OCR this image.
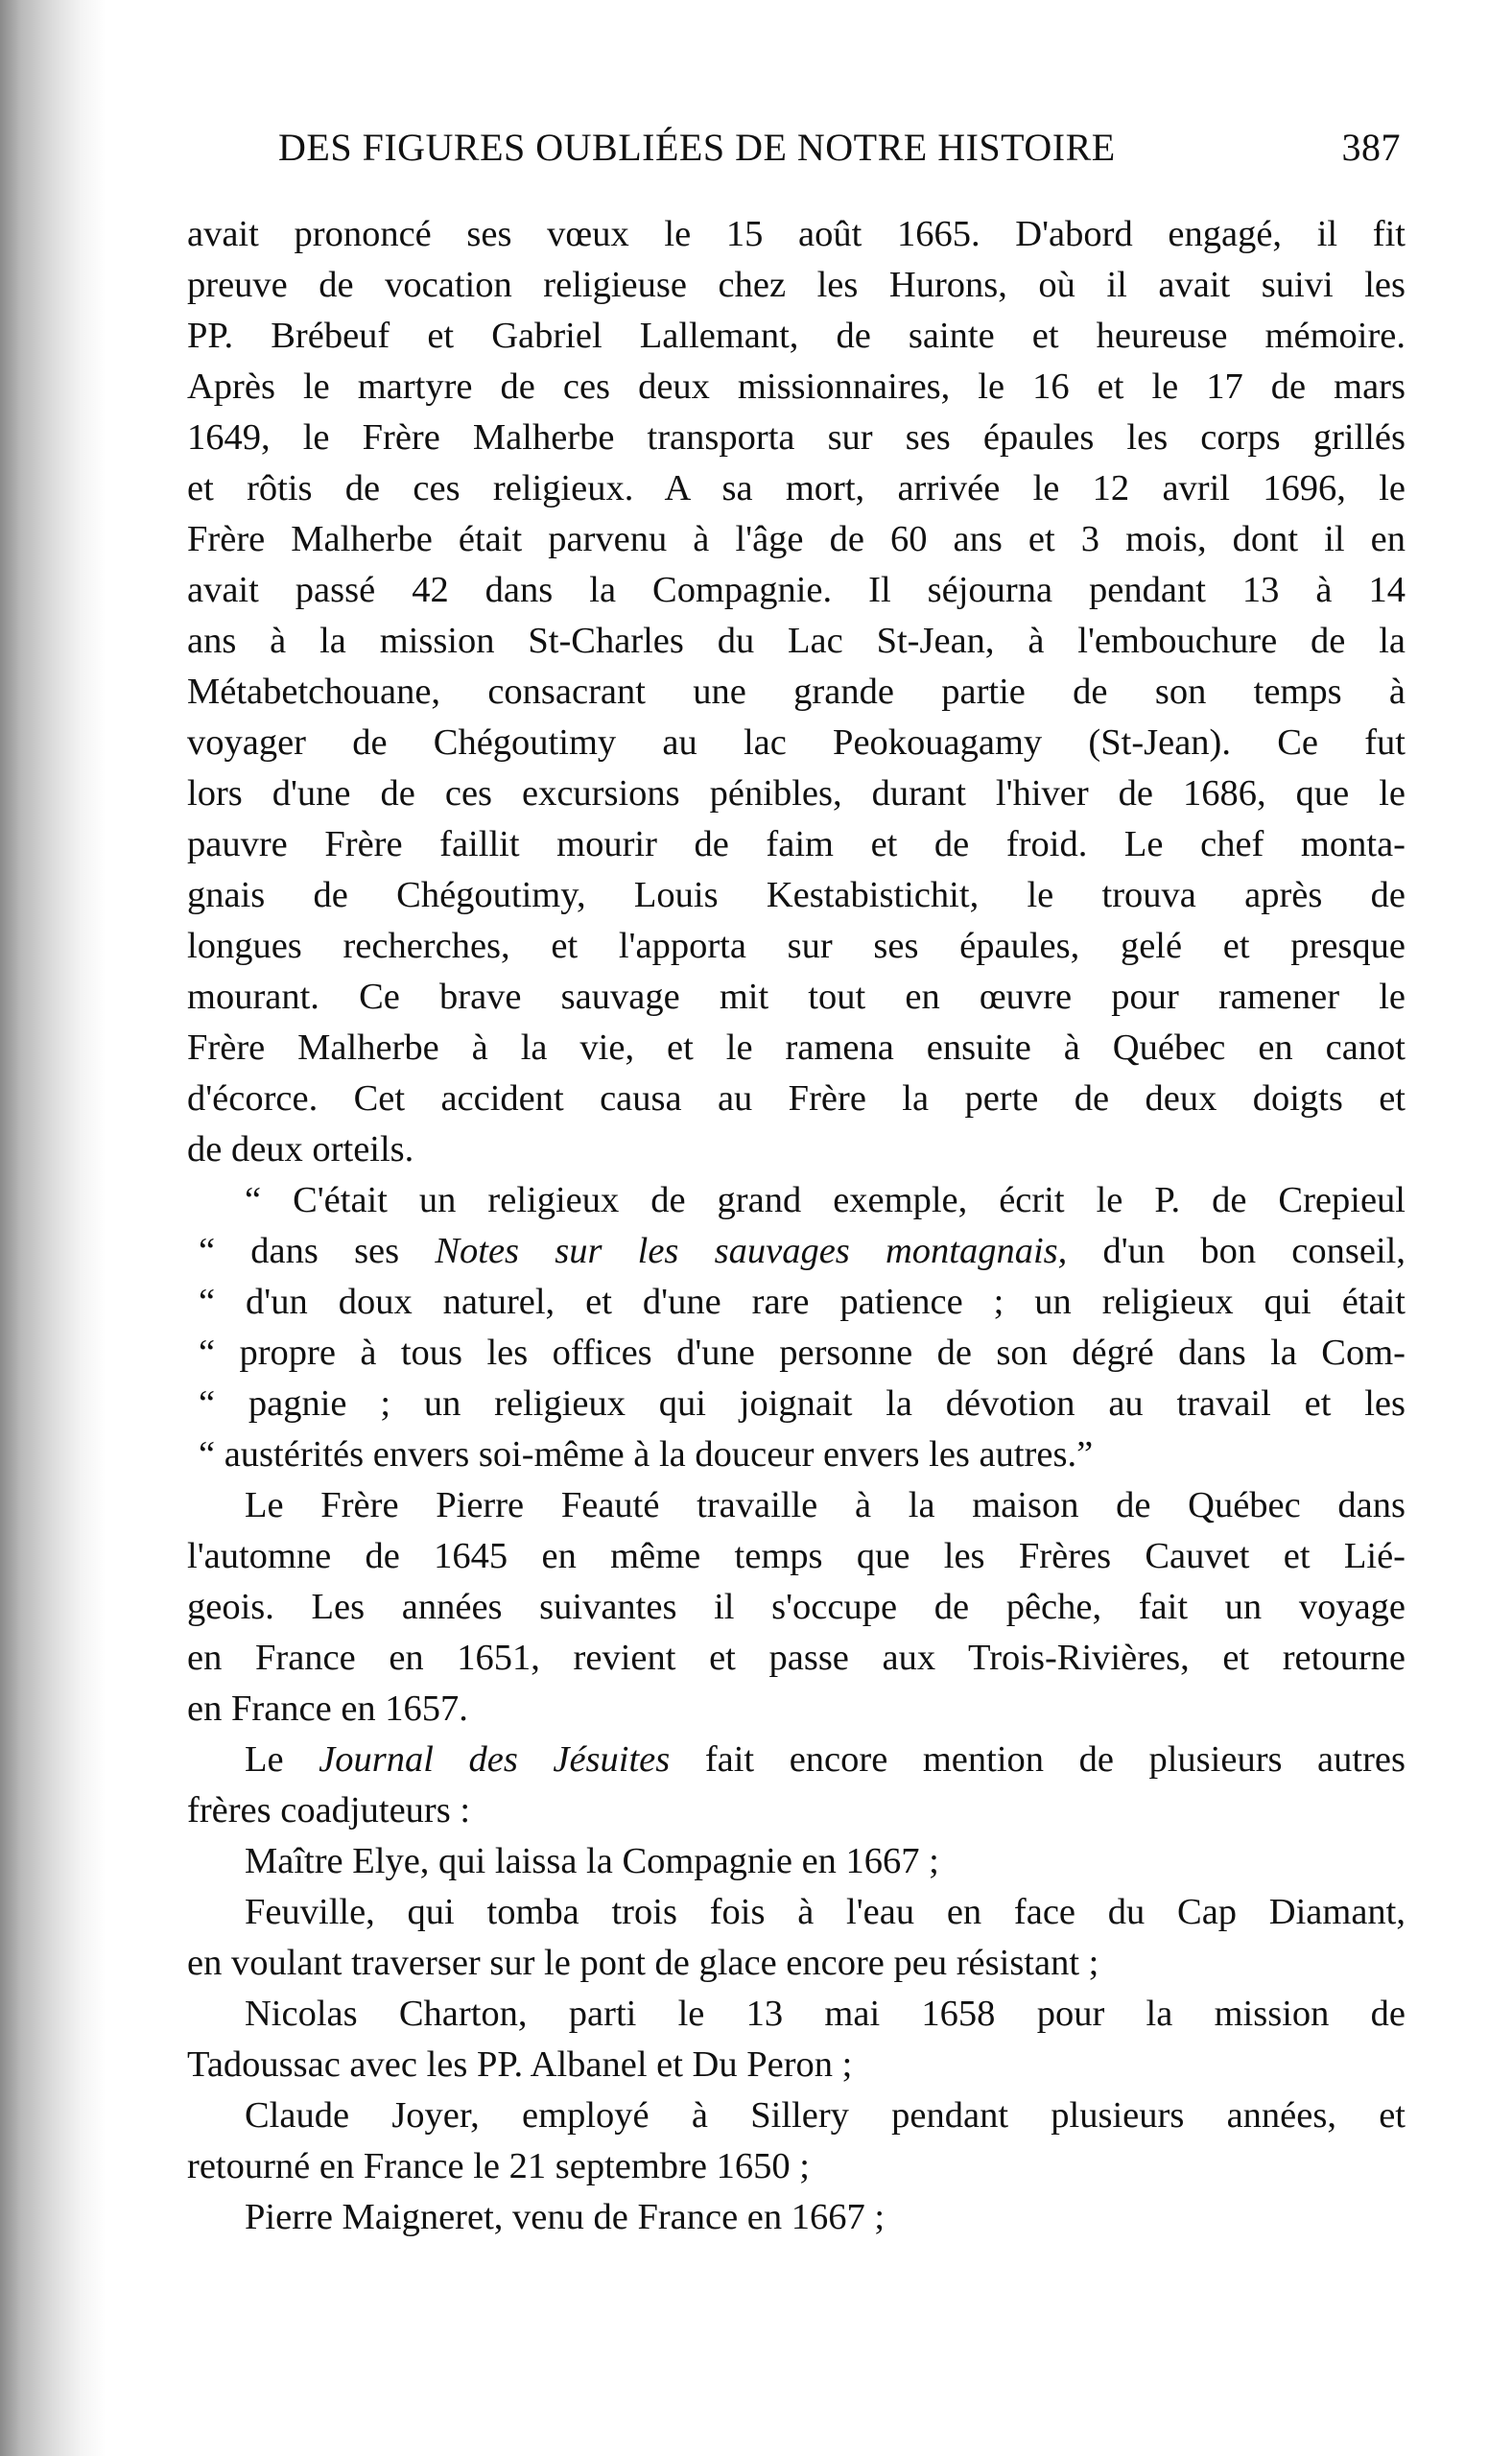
DES FIGURES OUBLIÉES DE NOTRE HISTOIRE	387
avait prononcé ses vœux le 15 août 1665. D'abord engagé, il fit
preuve de vocation religieuse chez les Hurons, où il avait suivi les
PP. Brébeuf et Gabriel Lallemant, de sainte et heureuse mémoire.
Après le martyre de ces deux missionnaires, le 16 et le 17 de mars
1649, le Frère Malherbe transporta sur ses épaules les corps grillés
et rôtis de ces religieux. A sa mort, arrivée le 12 avril 1696, le
Frère Malherbe était parvenu à l'âge de 60 ans et 3 mois, dont il en
avait passé 42 dans la Compagnie. Il séjourna pendant 13 à 14
ans à la mission St-Charles du Lac St-Jean, à l'embouchure de la
Métabetchouane, consacrant une grande partie de son temps à
voyager de Chégoutimy au lac Peokouagamy (St-Jean). Ce fut
lors d'une de ces excursions pénibles, durant l'hiver de 1686, que le
pauvre Frère faillit mourir de faim et de froid. Le chef monta-
gnais de Chégoutimy, Louis Kestabistichit, le trouva après de
longues recherches, et l'apporta sur ses épaules, gelé et presque
mourant. Ce brave sauvage mit tout en œuvre pour ramener le
Frère Malherbe à la vie, et le ramena ensuite à Québec en canot
d'écorce. Cet accident causa au Frère la perte de deux doigts et
de deux orteils.
“ C'était un religieux de grand exemple, écrit le P. de Crepieul
“ dans ses Notes sur les sauvages montagnais, d'un bon conseil,
“ d'un doux naturel, et d'une rare patience ; un religieux qui était
“ propre à tous les offices d'une personne de son dégré dans la Com-
“ pagnie ; un religieux qui joignait la dévotion au travail et les
“ austérités envers soi-même à la douceur envers les autres.”
Le Frère Pierre Feauté travaille à la maison de Québec dans
l'automne de 1645 en même temps que les Frères Cauvet et Lié-
geois. Les années suivantes il s'occupe de pêche, fait un voyage
en France en 1651, revient et passe aux Trois-Rivières, et retourne
en France en 1657.
Le Journal des Jésuites fait encore mention de plusieurs autres
frères coadjuteurs :
Maître Elye, qui laissa la Compagnie en 1667 ;
Feuville, qui tomba trois fois à l'eau en face du Cap Diamant,
en voulant traverser sur le pont de glace encore peu résistant ;
Nicolas Charton, parti le 13 mai 1658 pour la mission de
Tadoussac avec les PP. Albanel et Du Peron ;
Claude Joyer, employé à Sillery pendant plusieurs années, et
retourné en France le 21 septembre 1650 ;
Pierre Maigneret, venu de France en 1667 ;
